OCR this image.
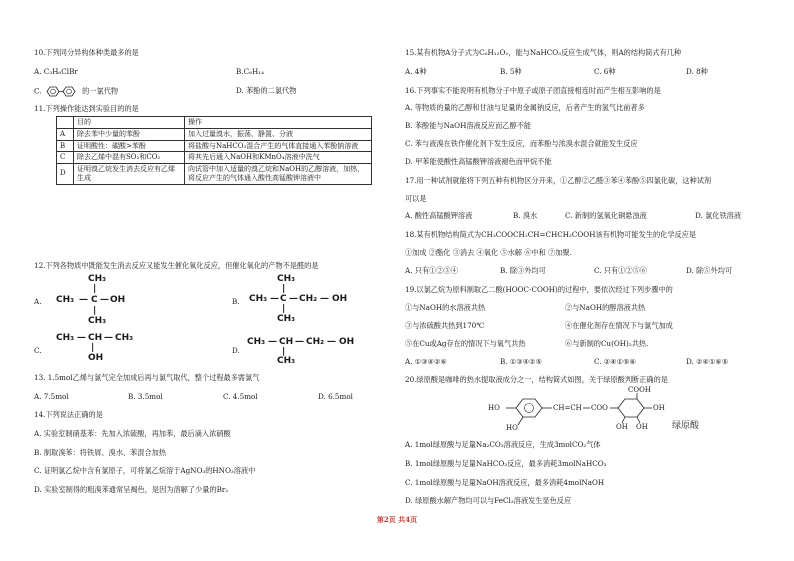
10.下列同分异构体种类最多的是
A. C₃H₆ClBr	B.C₆H₁₄
C.	的一氯代物	D. 苯酚的二氯代物
11.下列操作能达到实验目的的是
	目的	操作
A	除去苯中少量的苯酚	加入过量溴水，振荡、静置、分液
B	证明酸性：碳酸>苯酚	将盐酸与NaHCO₃混合产生的气体直接通入苯酚钠溶液
C	除去乙烯中混有SO₂和CO₂	将其先后通入NaOH和KMnO₄溶液中洗气
D	证明溴乙烷发生消去反应有乙烯生成	向试管中加入适量的溴乙烷和NaOH的乙醇溶液，加热，将反应产生的气体通入酸性高锰酸钾溶液中
12.下列各物质中既能发生消去反应又能发生催化氧化反应，但催化氧化的产物不是醛的是
A.
CH₃
|
CH₃ — C — OH
|
CH₃
B.
CH₃
|
CH₃ — C — CH₂ — OH
|
CH₃
C.
CH₃ — CH — CH₃
|
OH
D.
CH₃ — CH — CH₂ — OH
|
CH₃
13. 1.5mol乙烯与氯气完全加成后再与氯气取代，整个过程最多需氯气
A. 7.5mol	B. 3.5mol	C. 4.5mol	D. 6.5mol
14.下列说法正确的是
A. 实验室制硝基苯：先加入浓硫酸，再加苯，最后滴入浓硝酸
B. 制取溴苯：将铁屑、溴水、苯混合加热
C. 证明氯乙烷中含有氯原子，可将氯乙烷溶于AgNO₃的HNO₃溶液中
D. 实验室制得的粗溴苯通常呈褐色，是因为溶解了少量的Br₂
15.某有机物A分子式为C₆H₁₂O₂，能与NaHCO₃反应生成气体，则A的结构简式有几种
A. 4种	B. 5种	C. 6种	D. 8种
16.下列事实不能说明有机物分子中原子或原子团直接相连时而产生相互影响的是
A. 等物质的量的乙醇和甘油与足量的金属钠反应，后者产生的氢气比前者多
B. 苯酚能与NaOH溶液反应而乙醇不能
C. 苯与液溴在铁作催化剂下发生反应，而苯酚与浓溴水混合就能发生反应
D. 甲苯能使酸性高锰酸钾溶液褪色而甲烷不能
17.用一种试剂就能将下列五种有机物区分开来，①乙醇②乙醛③苯④苯酚⑤四氯化碳，这种试剂
可以是
A. 酸性高锰酸钾溶液	B. 溴水	C. 新制的氢氧化铜悬浊液	D. 氯化铁溶液
18.某有机物结构简式为CH₃COOCH₂CH=CHCH₂COOH该有机物可能发生的化学反应是
①加成 ②酯化 ③消去 ④氧化 ⑤水解 ⑥中和 ⑦加聚.
A. 只有①②③④	B. 除③外均可	C. 只有①②⑤⑥	D. 除⑤外均可
19.以氯乙烷为原料制取乙二酸(HOOC-COOH)的过程中，要依次经过下列步骤中的
①与NaOH的水溶液共热	②与NaOH的醇溶液共热
③与浓硫酸共热到170℃	④在催化剂存在情况下与氯气加成
⑤在Cu或Ag存在的情况下与氧气共热	⑥与新制的Cu(OH)₂共热.
A. ①③④②⑥	B. ①③④②⑤	C. ②④①⑤⑥	D. ②④①⑥⑤
20.绿原酸是咖啡的热水提取液成分之一，结构简式如图，关于绿原酸判断正确的是
HO
HO
CH=CH COO
COOH
OH
OH
OH	绿原酸
A. 1mol绿原酸与足量Na₂CO₃溶液反应，生成3molCO₂气体
B. 1mol绿原酸与足量NaHCO₃反应，最多消耗3molNaHCO₃
C. 1mol绿原酸与足量NaOH溶液反应，最多消耗4molNaOH
D. 绿原酸水解产物均可以与FeCl₃溶液发生显色反应
第2页 共4页
